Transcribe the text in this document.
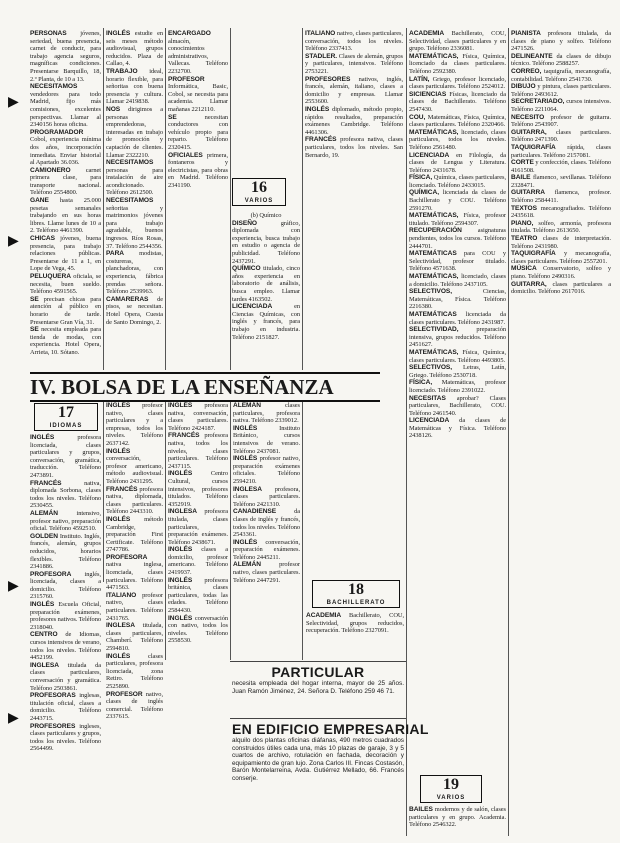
▶
▶
▶
▶

PERSONAS jóvenes, seriedad, buena presencia, carnet de conducir, para trabajo agencia seguros, magníficas condiciones. Presentarse Barquillo, 18, 2.º Planta, de 10 a 13.

NECESITAMOS vendedores para todo Madrid, fijo más comisiones, excelentes perspectivas. Llamar al 2340156 horas oficina.

PROGRAMADOR Cobol, experiencia mínima dos años, incorporación inmediata. Enviar historial al Apartado 36.036.

CAMIONERO carnet primera clase, para transporte nacional. Teléfono 2554800.

GANE hasta 25.000 pesetas semanales trabajando en sus horas libres. Llame lunes de 10 a 2. Teléfono 4461390.

CHICAS jóvenes, buena presencia, para trabajo relaciones públicas. Presentarse de 11 a 1, en Lope de Vega, 45.

PELUQUERA oficiala, se necesita, buen sueldo. Teléfono 4591565.

SE precisan chicas para atención al público en horario de tarde. Presentarse Gran Vía, 31.

SE necesita empleada para tienda de modas, con experiencia. Hotel Opera, Arrieta, 10. Sótano.

INGLÉS estudie en seis meses método audiovisual, grupos reducidos. Plaza de Callao, 4.

TRABAJO ideal, horario flexible, para señoritas con buena presencia y cultura. Llamar 2419838.

NOS dirigimos a personas emprendedoras, interesadas en trabajo de promoción y captación de clientes. Llamar 2322210.

NECESITAMOS personas para instalación de aire acondicionado. Teléfono 2612500.

NECESITAMOS señoritas y matrimonios jóvenes para trabajo agradable, buenos ingresos. Ríos Rosas, 37. Teléfono 2544356.

PARA modistas, costureras, planchadoras, con experiencia, fábrica prendas señora. Teléfono 2539963.

CAMARERAS de pisos, se necesitan. Hotel Opera, Cuesta de Santo Domingo, 2.

ENCARGADO almacén, conocimientos administrativos, Vallecas. Teléfono 2232700.

PROFESOR Informática, Basic, Cobol, se necesita para academia. Llamar mañanas 2212110.

SE necesitan conductores con vehículo propio para reparto. Teléfono 2320415.

OFICIALES primera, fontaneros y electricistas, para obras en Madrid. Teléfono 2341190.	16
VARIOS

(b) Químico

DISEÑO gráfico, diplomada con experiencia, busca trabajo en estudio o agencia de publicidad. Teléfono 2437291.

QUÍMICO titulado, cinco años experiencia en laboratorio de análisis, busca empleo. Llamar tardes 4163502.

LICENCIADA en Ciencias Químicas, con inglés y francés, para trabajo en industria. Teléfono 2151827.

ITALIANO nativo, clases particulares, conversación, todos los niveles. Teléfono 2337413.

STADLER. Clases de alemán, grupos y particulares, intensivos. Teléfono 2753221.

PROFESORES nativos, inglés, francés, alemán, italiano, clases a domicilio y empresas. Llamar 2553600.

INGLÉS diplomado, método propio, rápidos resultados, preparación exámenes Cambridge. Teléfono 4461306.

FRANCÉS profesora nativa, clases particulares, todos los niveles. San Bernardo, 19.

IV. BOLSA DE LA ENSEÑANZA
17
IDIOMAS

INGLÉS profesora licenciada, clases particulares y grupos, conversación, gramática, traducción. Teléfono 2473891.

FRANCÉS nativa, diplomada Sorbona, clases todos los niveles. Teléfono 2530455.

ALEMÁN intensivo, profesor nativo, preparación oficial. Teléfono 4592510.

GOLDEN Instituto. Inglés, francés, alemán, grupos reducidos, horarios flexibles. Teléfono 2341886.

PROFESORA inglés, licenciada, clases a domicilio. Teléfono 2315760.

INGLÉS Escuela Oficial, preparación exámenes, profesores nativos. Teléfono 2318040.

CENTRO de Idiomas, cursos intensivos de verano, todos los niveles. Teléfono 4452199.

INGLESA titulada da clases particulares, conversación y gramática. Teléfono 2503861.

PROFESORAS inglesas, titulación oficial, clases a domicilio. Teléfono 2443715.

PROFESORES ingleses, clases particulares y grupos, todos los niveles. Teléfono 2564499.

INGLÉS profesor nativo, clases particulares y a empresas, todos los niveles. Teléfono 2637142.

INGLÉS conversación, profesor americano, método audiovisual. Teléfono 2431295.

FRANCÉS profesora nativa, diplomada, clases particulares. Teléfono 2443310.

INGLÉS método Cambridge, preparación First Certificate. Teléfono 2747786.

PROFESORA nativa inglesa, licenciada, clases particulares. Teléfono 4471563.

ITALIANO profesor nativo, clases particulares. Teléfono 2431765.

INGLESA titulada, clases particulares, Chamberí. Teléfono 2594810.

INGLÉS clases particulares, profesora licenciada, zona Retiro. Teléfono 2525890.

PROFESOR nativo, clases de inglés comercial. Teléfono 2337615.

INGLÉS profesora nativa, conversación, clases particulares. Teléfono 2424187.

FRANCÉS profesora nativa, todos los niveles, clases particulares. Teléfono 2437115.

INGLÉS Centro Cultural, cursos intensivos, profesores titulados. Teléfono 4352919.

INGLESA profesora titulada, clases particulares, preparación exámenes. Teléfono 2438671.

INGLÉS clases a domicilio, profesor americano. Teléfono 2419937.

INGLÉS profesora británica, clases particulares, todas las edades. Teléfono 2584430.

INGLÉS conversación con nativo, todos los niveles. Teléfono 2558530.

ALEMÁN clases particulares, profesora nativa. Teléfono 2339012.

INGLÉS Instituto Británico, cursos intensivos de verano. Teléfono 2437081.

INGLÉS profesor nativo, preparación exámenes oficiales. Teléfono 2594210.

INGLESA profesora, clases particulares. Teléfono 2421310.

CANADIENSE da clases de inglés y francés, todos los niveles. Teléfono 2543361.

INGLÉS conversación, preparación exámenes. Teléfono 2445211.

ALEMÁN profesor nativo, clases particulares. Teléfono 2447291.

18
BACHILLERATO

ACADEMIA Bachillerato, COU, Selectividad, grupos reducidos, recuperación. Teléfono 2327091.

PARTICULAR
necesita empleada del hogar interna, mayor de 25 años. Juan Ramón Jiménez, 24. Señora D. Teléfono 259 46 71.
EN EDIFICIO EMPRESARIAL
alquilo dos plantas oficinas diáfanas, 490 metros cuadrados construidos útiles cada una, más 10 plazas de garaje, 3 y 5 cuartos de archivo, rotulación en fachada, decoración y equipamiento de gran lujo. Zona Carlos III. Fincas Costasón, Barón Montelarreina, Avda. Gutiérrez Mellado, 66. Francés conserje.

ACADEMIA Bachillerato, COU, Selectividad, clases particulares y en grupo. Teléfono 2336081.

MATEMÁTICAS, Física, Química, licenciado da clases particulares. Teléfono 2592380.

LATÍN, Griego, profesor licenciado, clases particulares. Teléfono 2524012.

SICIENCIAS Físicas, licenciado da clases de Bachillerato. Teléfono 2547430.

COU, Matemáticas, Física, Química, clases particulares. Teléfono 2320466.

MATEMÁTICAS, licenciado, clases particulares, todos los niveles. Teléfono 2561480.

LICENCIADA en Filología, da clases de Lengua y Literatura. Teléfono 2431678.

FÍSICA, Química, clases particulares, licenciado. Teléfono 2433015.

QUÍMICA, licenciada da clases de Bachillerato y COU. Teléfono 2591270.

MATEMÁTICAS, Física, profesor titulado. Teléfono 2594307.

RECUPERACIÓN asignaturas pendientes, todos los cursos. Teléfono 2444701.

MATEMÁTICAS para COU y Selectividad, profesor titulado. Teléfono 4571638.

MATEMÁTICAS, licenciado, clases a domicilio. Teléfono 2437105.

SELECTIVOS, Ciencias, Matemáticas, Física. Teléfono 2216380.

MATEMÁTICAS licenciada da clases particulares. Teléfono 2431987.

SELECTIVIDAD, preparación intensiva, grupos reducidos. Teléfono 2451627.

MATEMÁTICAS, Física, Química, clases particulares. Teléfono 4493805.

SELECTIVOS, Letras, Latín, Griego. Teléfono 2530718.

FÍSICA, Matemáticas, profesor licenciado. Teléfono 2391022.

NECESITAS aprobar? Clases particulares, Bachillerato, COU. Teléfono 2461540.

LICENCIADA da clases de Matemáticas y Física. Teléfono 2438126.

19
VARIOS

BAILES modernos y de salón, clases particulares y en grupo. Academia. Teléfono 2546322.

PIANISTA profesora titulada, da clases de piano y solfeo. Teléfono 2471526.

DELINEANTE da clases de dibujo técnico. Teléfono 2588257.

CORREO, taquigrafía, mecanografía, contabilidad. Teléfono 2541730.

DIBUJO y pintura, clases particulares. Teléfono 2493612.

SECRETARIADO, cursos intensivos. Teléfono 2211064.

NECESITO profesor de guitarra. Teléfono 2543907.

GUITARRA, clases particulares. Teléfono 2471390.

TAQUIGRAFÍA rápida, clases particulares. Teléfono 2157081.

CORTE y confección, clases. Teléfono 4161508.

BAILE flamenco, sevillanas. Teléfono 2328471.

GUITARRA flamenca, profesor. Teléfono 2584411.

TEXTOS mecanografiados. Teléfono 2435618.

PIANO, solfeo, armonía, profesora titulada. Teléfono 2613650.

TEATRO clases de interpretación. Teléfono 2431980.

TAQUIGRAFÍA y mecanografía, clases particulares. Teléfono 2557201.

MÚSICA Conservatorio, solfeo y piano. Teléfono 2490316.

GUITARRA, clases particulares a domicilio. Teléfono 2617016.
